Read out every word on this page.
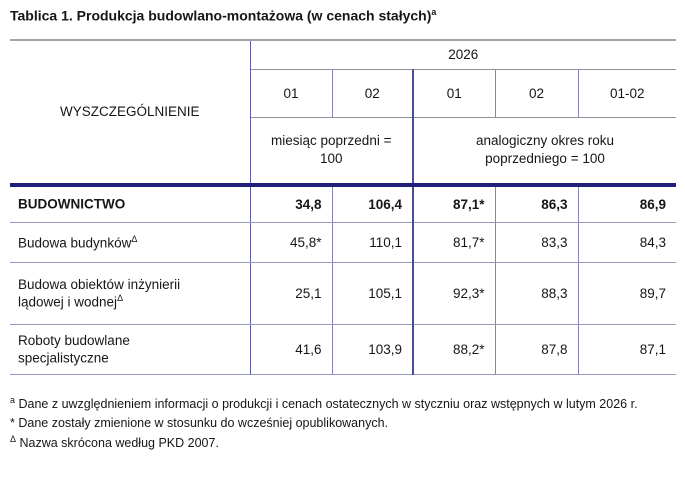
Tablica 1. Produkcja budowlano-montażowa (w cenach stałych)$^a$
WYSZCZEGÓLNIENIE	2026				
	01	02	01	02	01-02
	miesiąc poprzedni = 100		analogiczny okres roku poprzedniego = 100		
BUDOWNICTWO	34,8	106,4	87,1*	86,3	86,9
Budowa budynków$^\Delta$	45,8*	110,1	81,7*	83,3	84,3
Budowa obiektów inżynierii lądowej i wodnej$^\Delta$	25,1	105,1	92,3*	88,3	89,7
Roboty budowlane specjalistyczne	41,6	103,9	88,2*	87,8	87,1

$^a$ Dane z uwzględnieniem informacji o produkcji i cenach ostatecznych w styczniu oraz wstępnych w lutym 2026 r.

* Dane zostały zmienione w stosunku do wcześniej opublikowanych.

$^\Delta$ Nazwa skrócona według PKD 2007.
